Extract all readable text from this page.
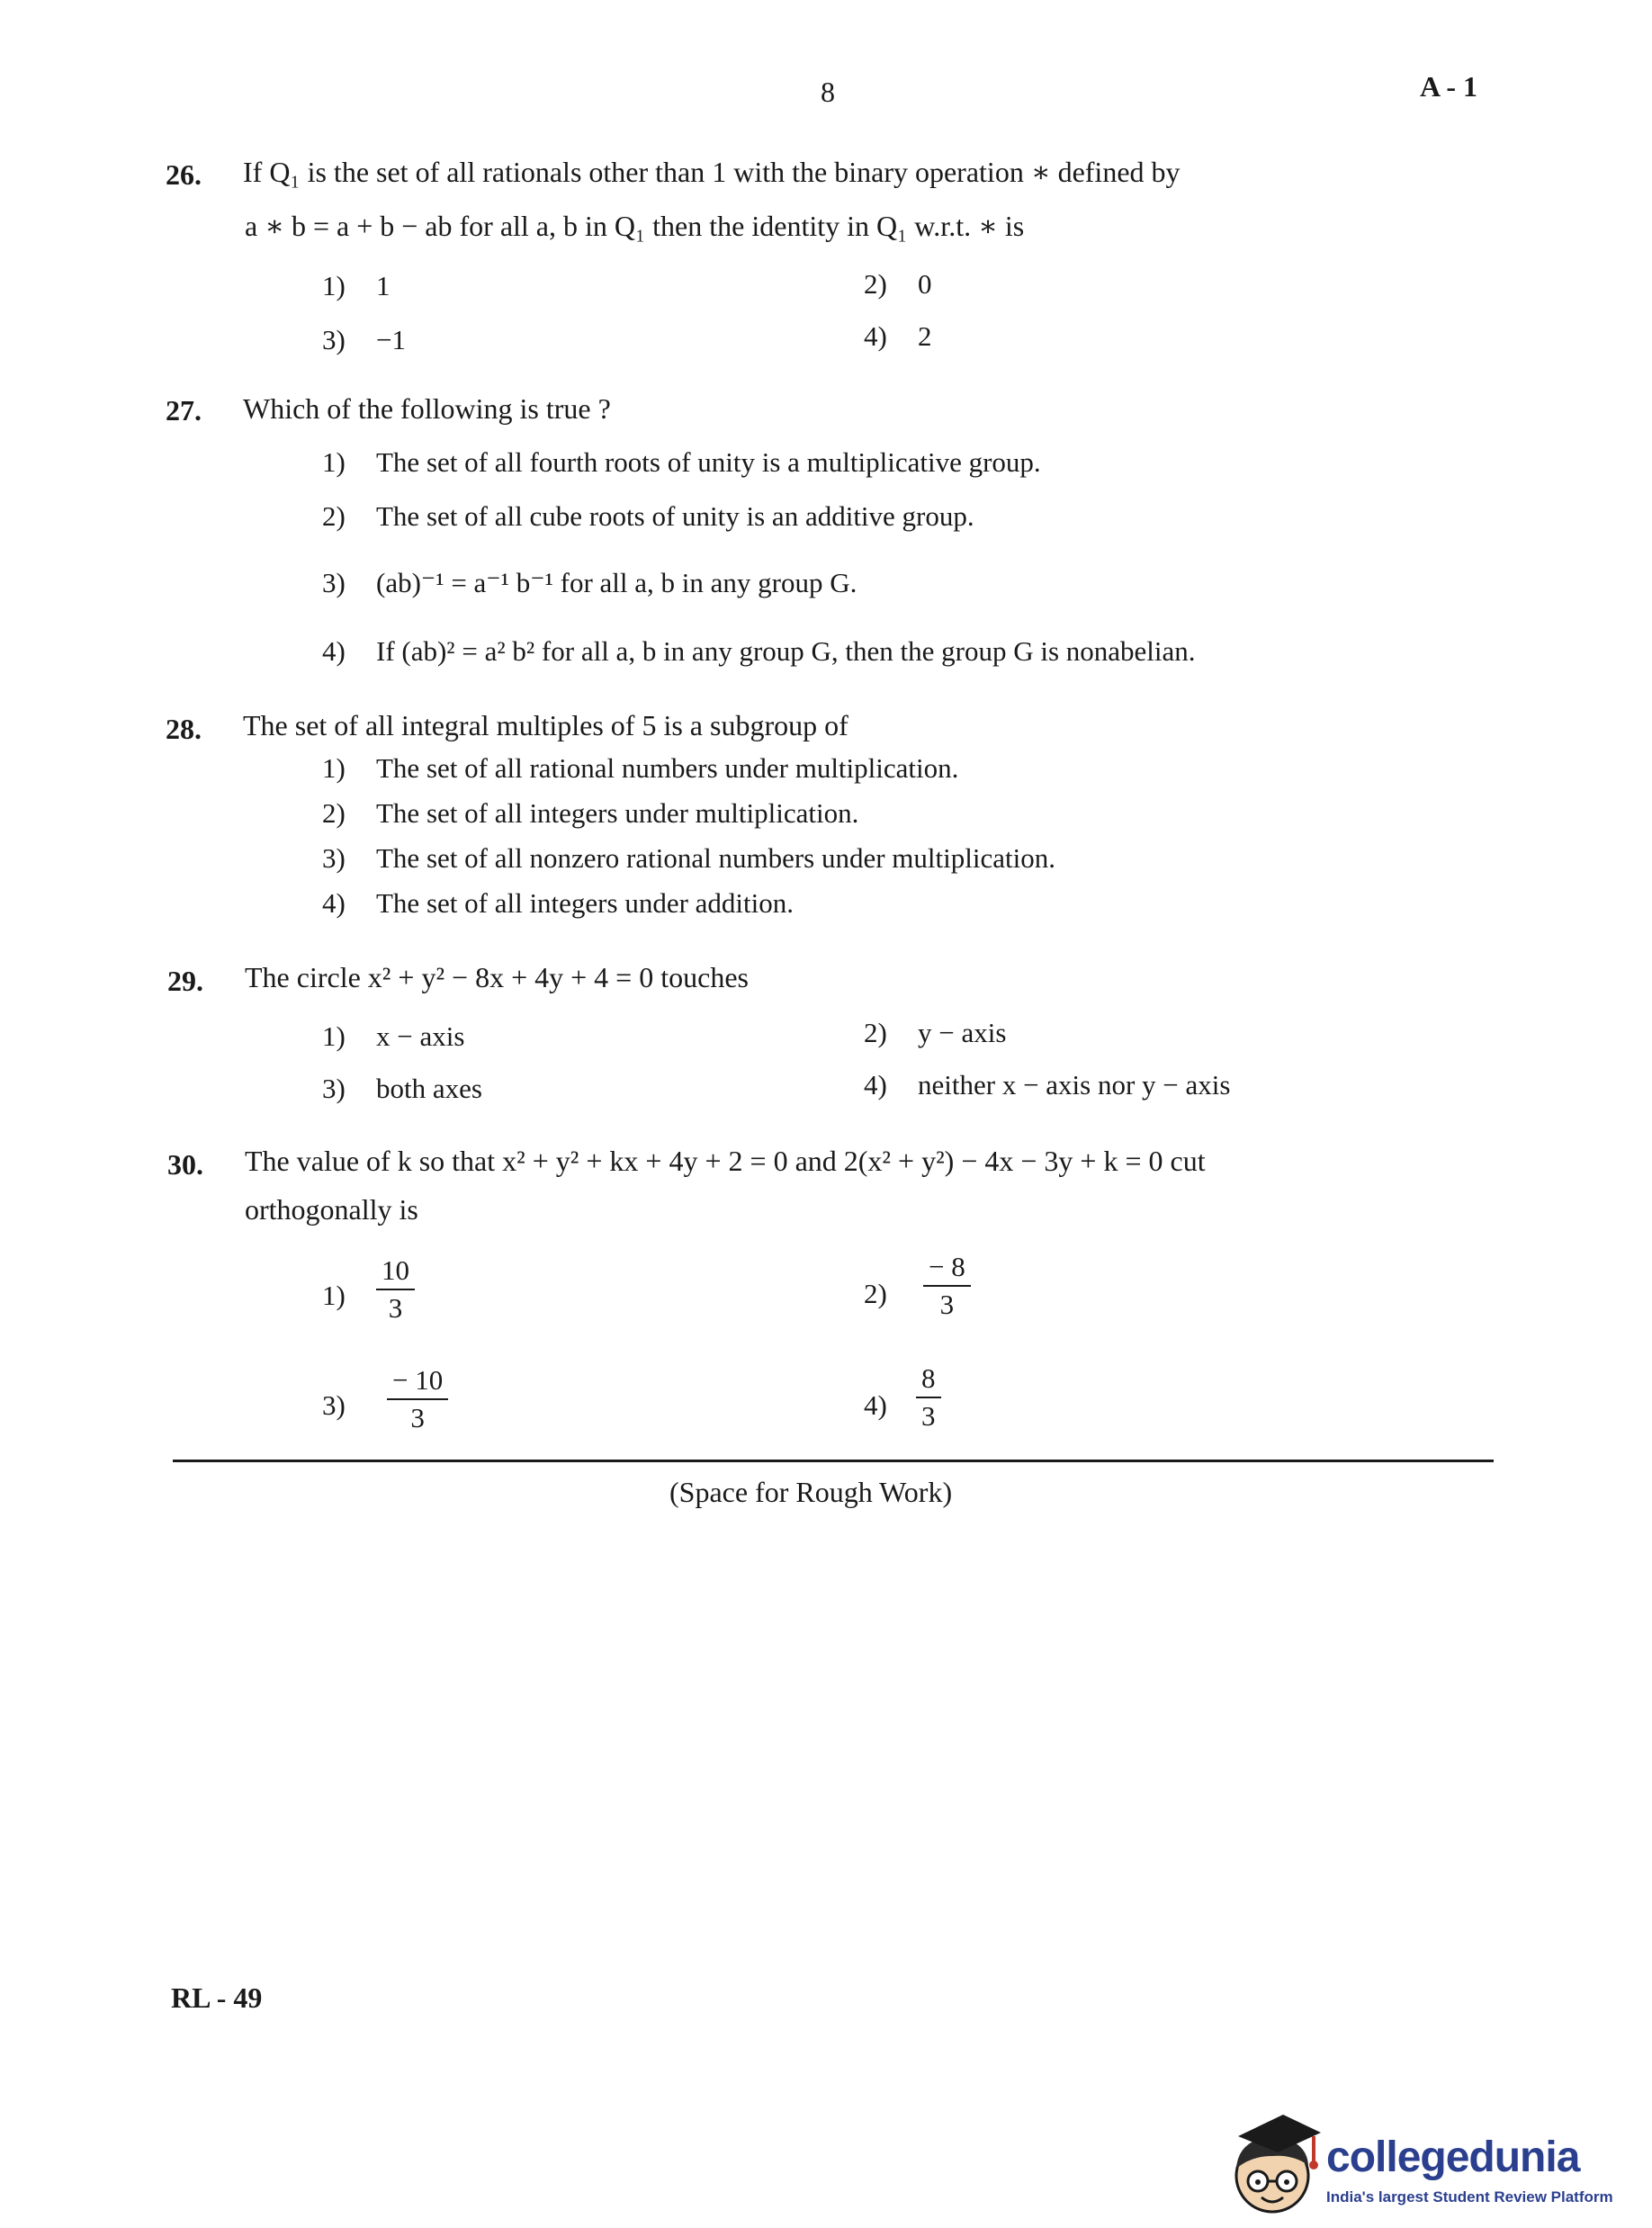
8	A - 1
26. If Q₁ is the set of all rationals other than 1 with the binary operation ∗ defined by
a ∗ b = a + b − ab for all a, b in Q₁ then the identity in Q₁ w.r.t. ∗ is
1) 1	2) 0
3) −1	4) 2
27. Which of the following is true ?
1) The set of all fourth roots of unity is a multiplicative group.
2) The set of all cube roots of unity is an additive group.
3) (ab)⁻¹ = a⁻¹ b⁻¹ for all a, b in any group G.
4) If (ab)² = a² b² for all a, b in any group G, then the group G is nonabelian.
28. The set of all integral multiples of 5 is a subgroup of
1) The set of all rational numbers under multiplication.
2) The set of all integers under multiplication.
3) The set of all nonzero rational numbers under multiplication.
4) The set of all integers under addition.
29. The circle x² + y² − 8x + 4y + 4 = 0 touches
1) x − axis	2) y − axis
3) both axes	4) neither x − axis nor y − axis
30. The value of k so that x² + y² + kx + 4y + 2 = 0 and 2(x² + y²) − 4x − 3y + k = 0 cut
orthogonally is
1)
10
3	2)
− 8
3
3)
− 10
3	4)
8
3
(Space for Rough Work)
RL - 49
collegedunia
India's largest Student Review Platform
